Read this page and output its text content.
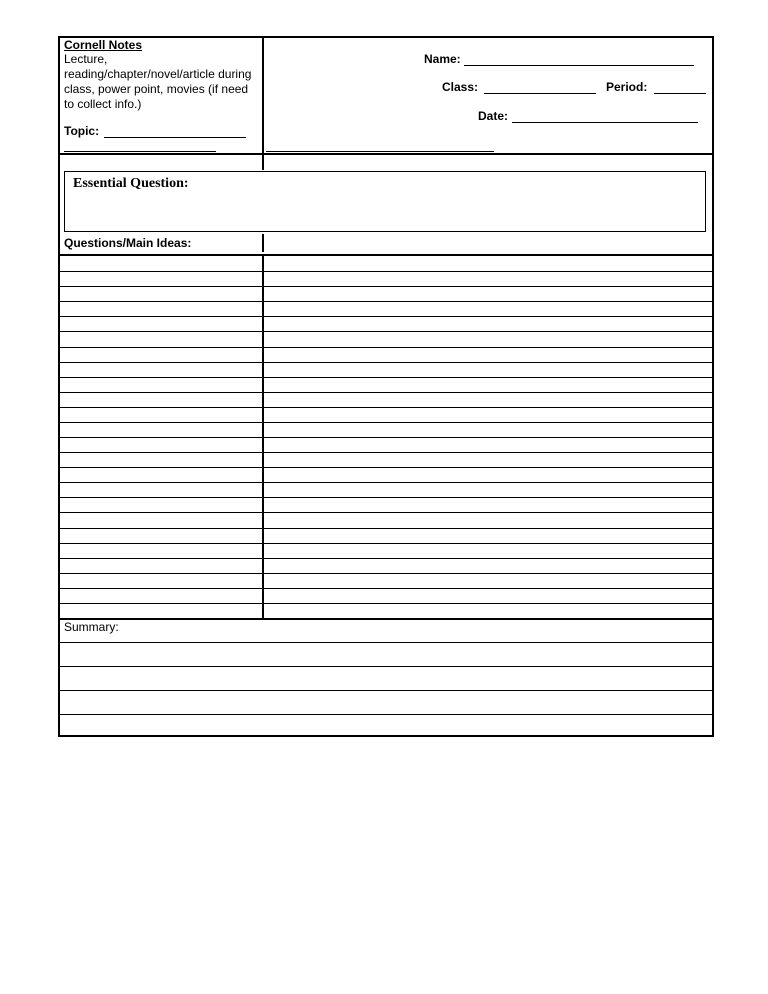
Cornell Notes
Lecture, reading/chapter/novel/article during class, power point, movies (if need to collect info.)
Topic:
Name:
Class:	Period:
Date:
Essential Question:
Questions/Main Ideas:
Summary:
